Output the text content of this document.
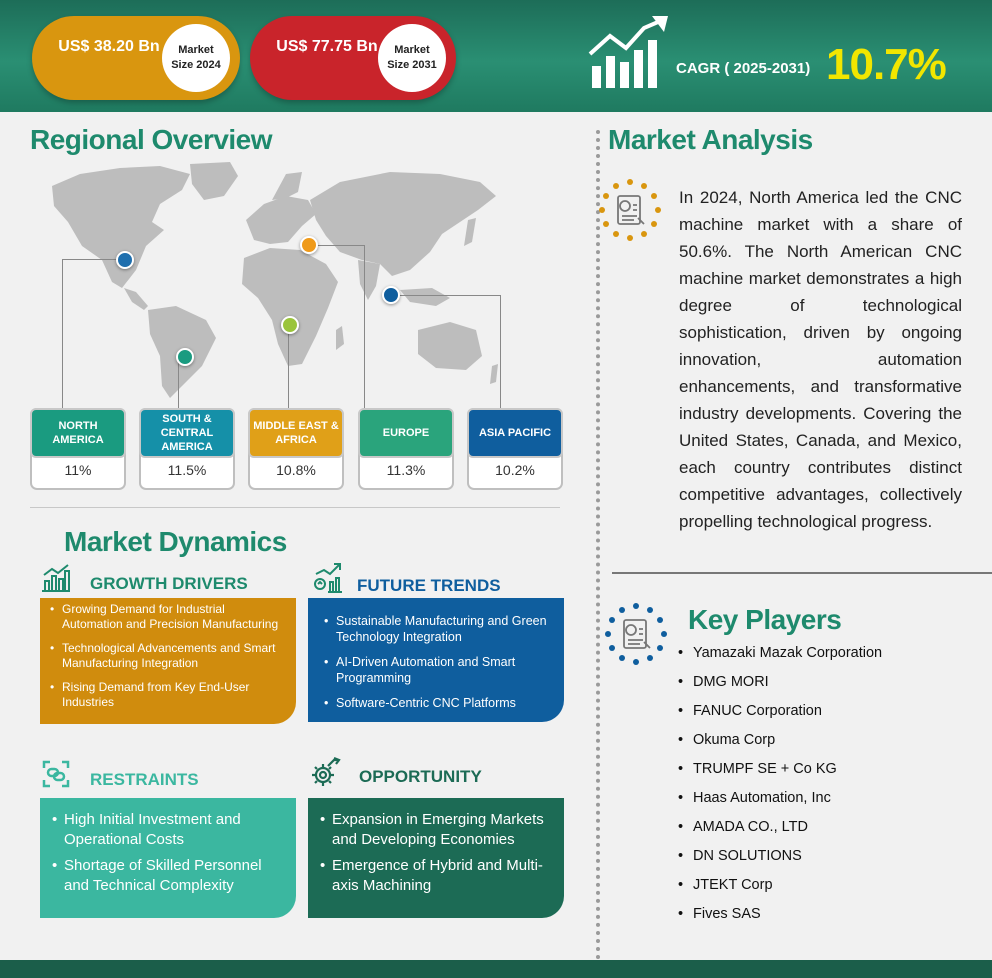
US$ 38.20 Bn	Market
Size 2024
US$ 77.75 Bn	Market
Size 2031	CAGR ( 2025-2031) 10.7%
Regional Overview
NORTH AMERICA
11%
SOUTH & CENTRAL AMERICA
11.5%
MIDDLE EAST & AFRICA
10.8%
EUROPE
11.3%
ASIA PACIFIC
10.2%
Market Dynamics
GROWTH DRIVERS
• Growing Demand for Industrial Automation and Precision Manufacturing
• Technological Advancements and Smart Manufacturing Integration
• Rising Demand from Key End-User Industries
FUTURE TRENDS
• Sustainable Manufacturing and Green Technology Integration
• AI-Driven Automation and Smart Programming
• Software-Centric CNC Platforms
RESTRAINTS
• High Initial Investment and Operational Costs
• Shortage of Skilled Personnel and Technical Complexity
OPPORTUNITY
• Expansion in Emerging Markets and Developing Economies
• Emergence of Hybrid and Multi-axis Machining
Market Analysis
In 2024, North America led the CNC machine market with a share of 50.6%. The North American CNC machine market demonstrates a high degree of technological sophistication, driven by ongoing innovation, automation enhancements, and transformative industry developments. Covering the United States, Canada, and Mexico, each country contributes distinct competitive advantages, collectively propelling technological progress.
Key Players
• Yamazaki Mazak Corporation
• DMG MORI
• FANUC Corporation
• Okuma Corp
• TRUMPF SE + Co KG
• Haas Automation, Inc
• AMADA CO., LTD
• DN SOLUTIONS
• JTEKT Corp
• Fives SAS
